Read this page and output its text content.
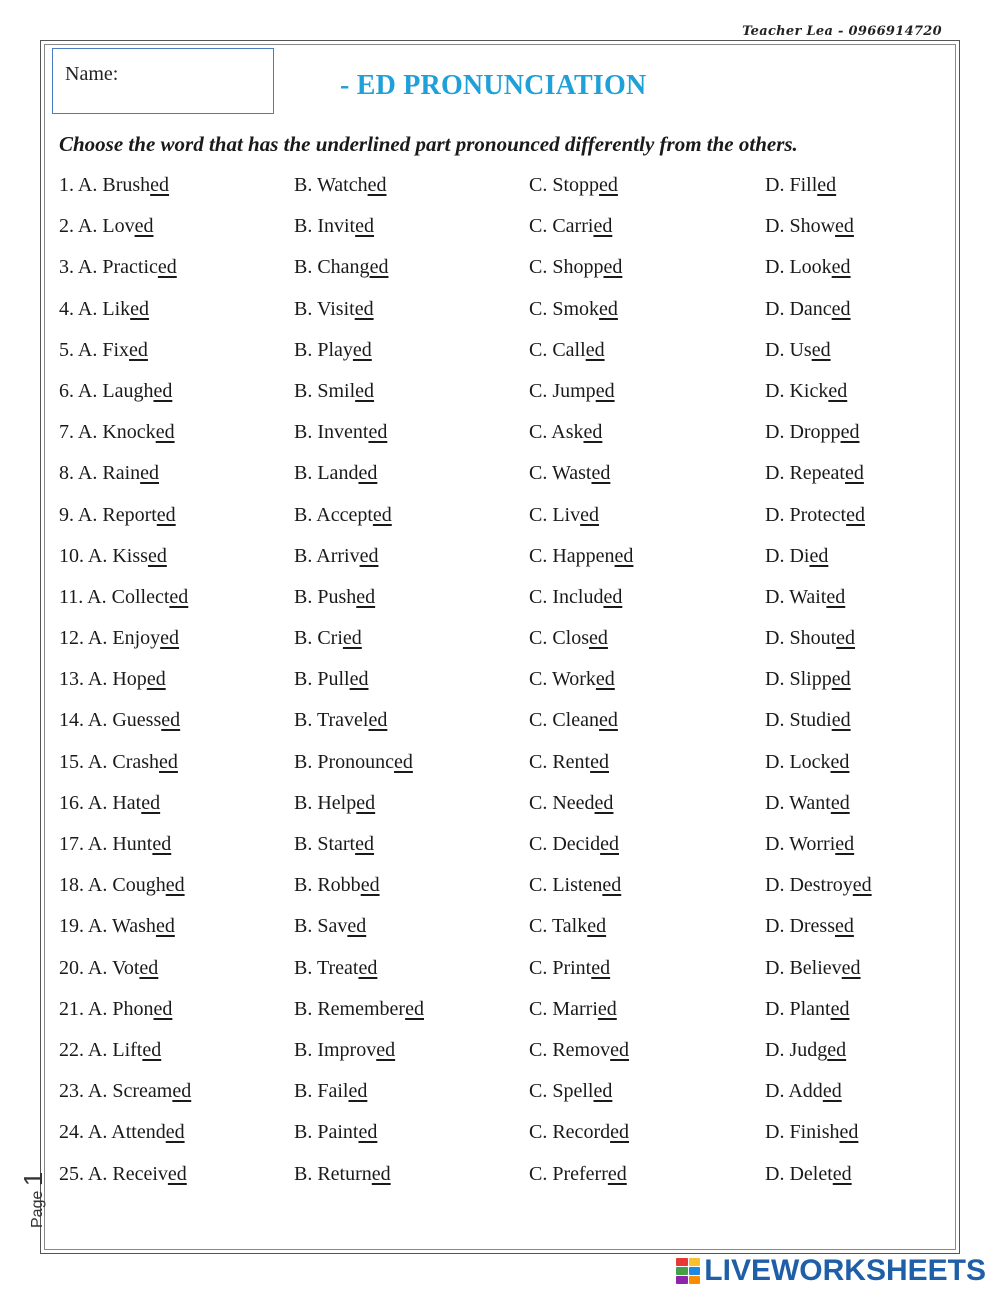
Teacher Lea - 0966914720
Name:	- ED PRONUNCIATION
Choose the word that has the underlined part pronounced differently from the others.
1. A. Brushed	B. Watched	C. Stopped	D. Filled
2. A. Loved	B. Invited	C. Carried	D. Showed
3. A. Practiced	B. Changed	C. Shopped	D. Looked
4. A. Liked	B. Visited	C. Smoked	D. Danced
5. A. Fixed	B. Played	C. Called	D. Used
6. A. Laughed	B. Smiled	C. Jumped	D. Kicked
7. A. Knocked	B. Invented	C. Asked	D. Dropped
8. A. Rained	B. Landed	C. Wasted	D. Repeated
9. A. Reported	B. Accepted	C. Lived	D. Protected
10. A. Kissed	B. Arrived	C. Happened	D. Died
11. A. Collected	B. Pushed	C. Included	D. Waited
12. A. Enjoyed	B. Cried	C. Closed	D. Shouted
13. A. Hoped	B. Pulled	C. Worked	D. Slipped
14. A. Guessed	B. Traveled	C. Cleaned	D. Studied
15. A. Crashed	B. Pronounced	C. Rented	D. Locked
16. A. Hated	B. Helped	C. Needed	D. Wanted
17. A. Hunted	B. Started	C. Decided	D. Worried
18. A. Coughed	B. Robbed	C. Listened	D. Destroyed
19. A. Washed	B. Saved	C. Talked	D. Dressed
20. A. Voted	B. Treated	C. Printed	D. Believed
21. A. Phoned	B. Remembered	C. Married	D. Planted
22. A. Lifted	B. Improved	C. Removed	D. Judged
23. A. Screamed	B. Failed	C. Spelled	D. Added
24. A. Attended	B. Painted	C. Recorded	D. Finished
25. A. Received	B. Returned	C. Preferred	D. Deleted
Page 1
LIVEWORKSHEETS
